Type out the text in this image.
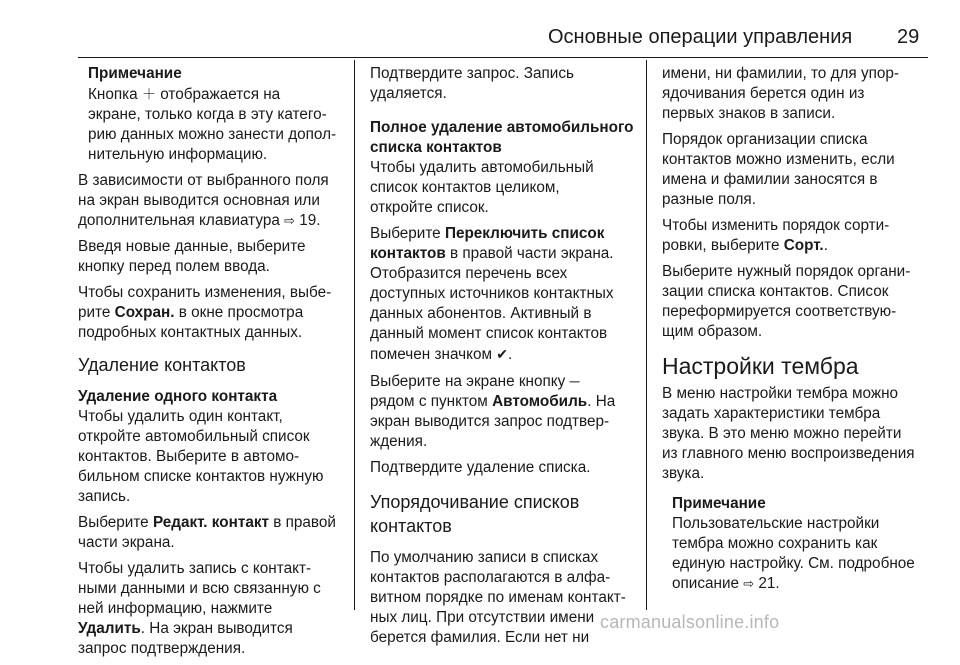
Основные операции управления 29
Примечание
Кнопка ＋ отображается на
экране, только когда в эту катего-
рию данных можно занести допол-
нительную информацию.

В зависимости от выбранного поля
на экран выводится основная или
дополнительная клавиатура ⇨ 19.

Введя новые данные, выберите
кнопку перед полем ввода.

Чтобы сохранить изменения, выбе-
рите Сохран. в окне просмотра
подробных контактных данных.

Удаление контактов

Удаление одного контакта
Чтобы удалить один контакт,
откройте автомобильный список
контактов. Выберите в автомо-
бильном списке контактов нужную
запись.

Выберите Редакт. контакт в правой
части экрана.

Чтобы удалить запись с контакт-
ными данными и всю связанную с
ней информацию, нажмите
Удалить. На экран выводится
запрос подтверждения.

Подтвердите запрос. Запись
удаляется.

Полное удаление автомобильного
списка контактов
Чтобы удалить автомобильный
список контактов целиком,
откройте список.

Выберите Переключить список
контактов в правой части экрана.
Отобразится перечень всех
доступных источников контактных
данных абонентов. Активный в
данный момент список контактов
помечен значком ✔.

Выберите на экране кнопку ─
рядом с пунктом Автомобиль. На
экран выводится запрос подтвер-
ждения.

Подтвердите удаление списка.

Упорядочивание списков
контактов

По умолчанию записи в списках
контактов располагаются в алфа-
витном порядке по именам контакт-
ных лиц. При отсутствии имени
берется фамилия. Если нет ни

имени, ни фамилии, то для упор-
ядочивания берется один из
первых знаков в записи.

Порядок организации списка
контактов можно изменить, если
имена и фамилии заносятся в
разные поля.

Чтобы изменить порядок сорти-
ровки, выберите Сорт..

Выберите нужный порядок органи-
зации списка контактов. Список
переформируется соответствую-
щим образом.

Настройки тембра

В меню настройки тембра можно
задать характеристики тембра
звука. В это меню можно перейти
из главного меню воспроизведения
звука.

Примечание
Пользовательские настройки
тембра можно сохранить как
единую настройку. См. подробное
описание ⇨ 21.
carmanualsonline.info
